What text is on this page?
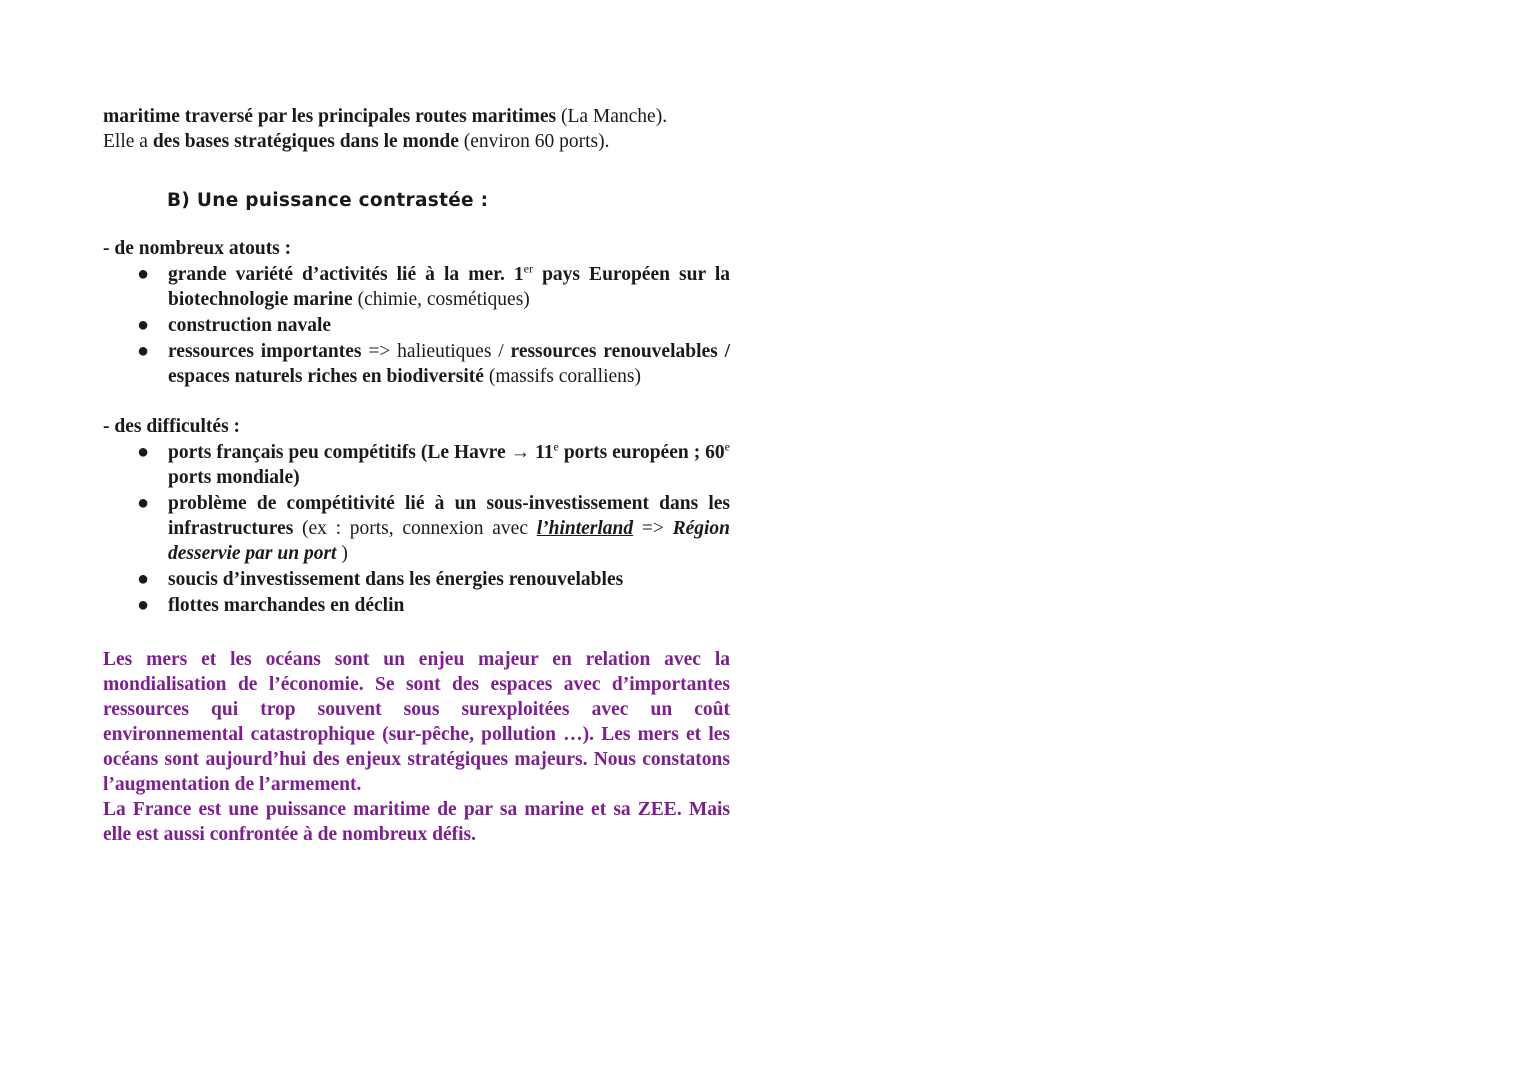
maritime traversé par les principales routes maritimes (La Manche).
Elle a des bases stratégiques dans le monde (environ 60 ports).

B) Une puissance contrastée :

- de nombreux atouts :

● grande variété d’activités lié à la mer. 1er pays Européen sur la biotechnologie marine (chimie, cosmétiques)
● construction navale
● ressources importantes => halieutiques / ressources renouvelables / espaces naturels riches en biodiversité (massifs coralliens)

- des difficultés :

● ports français peu compétitifs (Le Havre → $11^e$ ports européen ; 60e ports mondiale)
● problème de compétitivité lié à un sous-investissement dans les infrastructures (ex : ports, connexion avec l’hinterland => Région desservie par un port )
● soucis d’investissement dans les énergies renouvelables
● flottes marchandes en déclin

Les mers et les océans sont un enjeu majeur en relation avec la mondialisation de l’économie. Se sont des espaces avec d’importantes ressources qui trop souvent sous surexploitées avec un coût environnemental catastrophique (sur-pêche, pollution …). Les mers et les océans sont aujourd’hui des enjeux stratégiques majeurs. Nous constatons l’augmentation de l’armement.

La France est une puissance maritime de par sa marine et sa ZEE. Mais elle est aussi confrontée à de nombreux défis.
